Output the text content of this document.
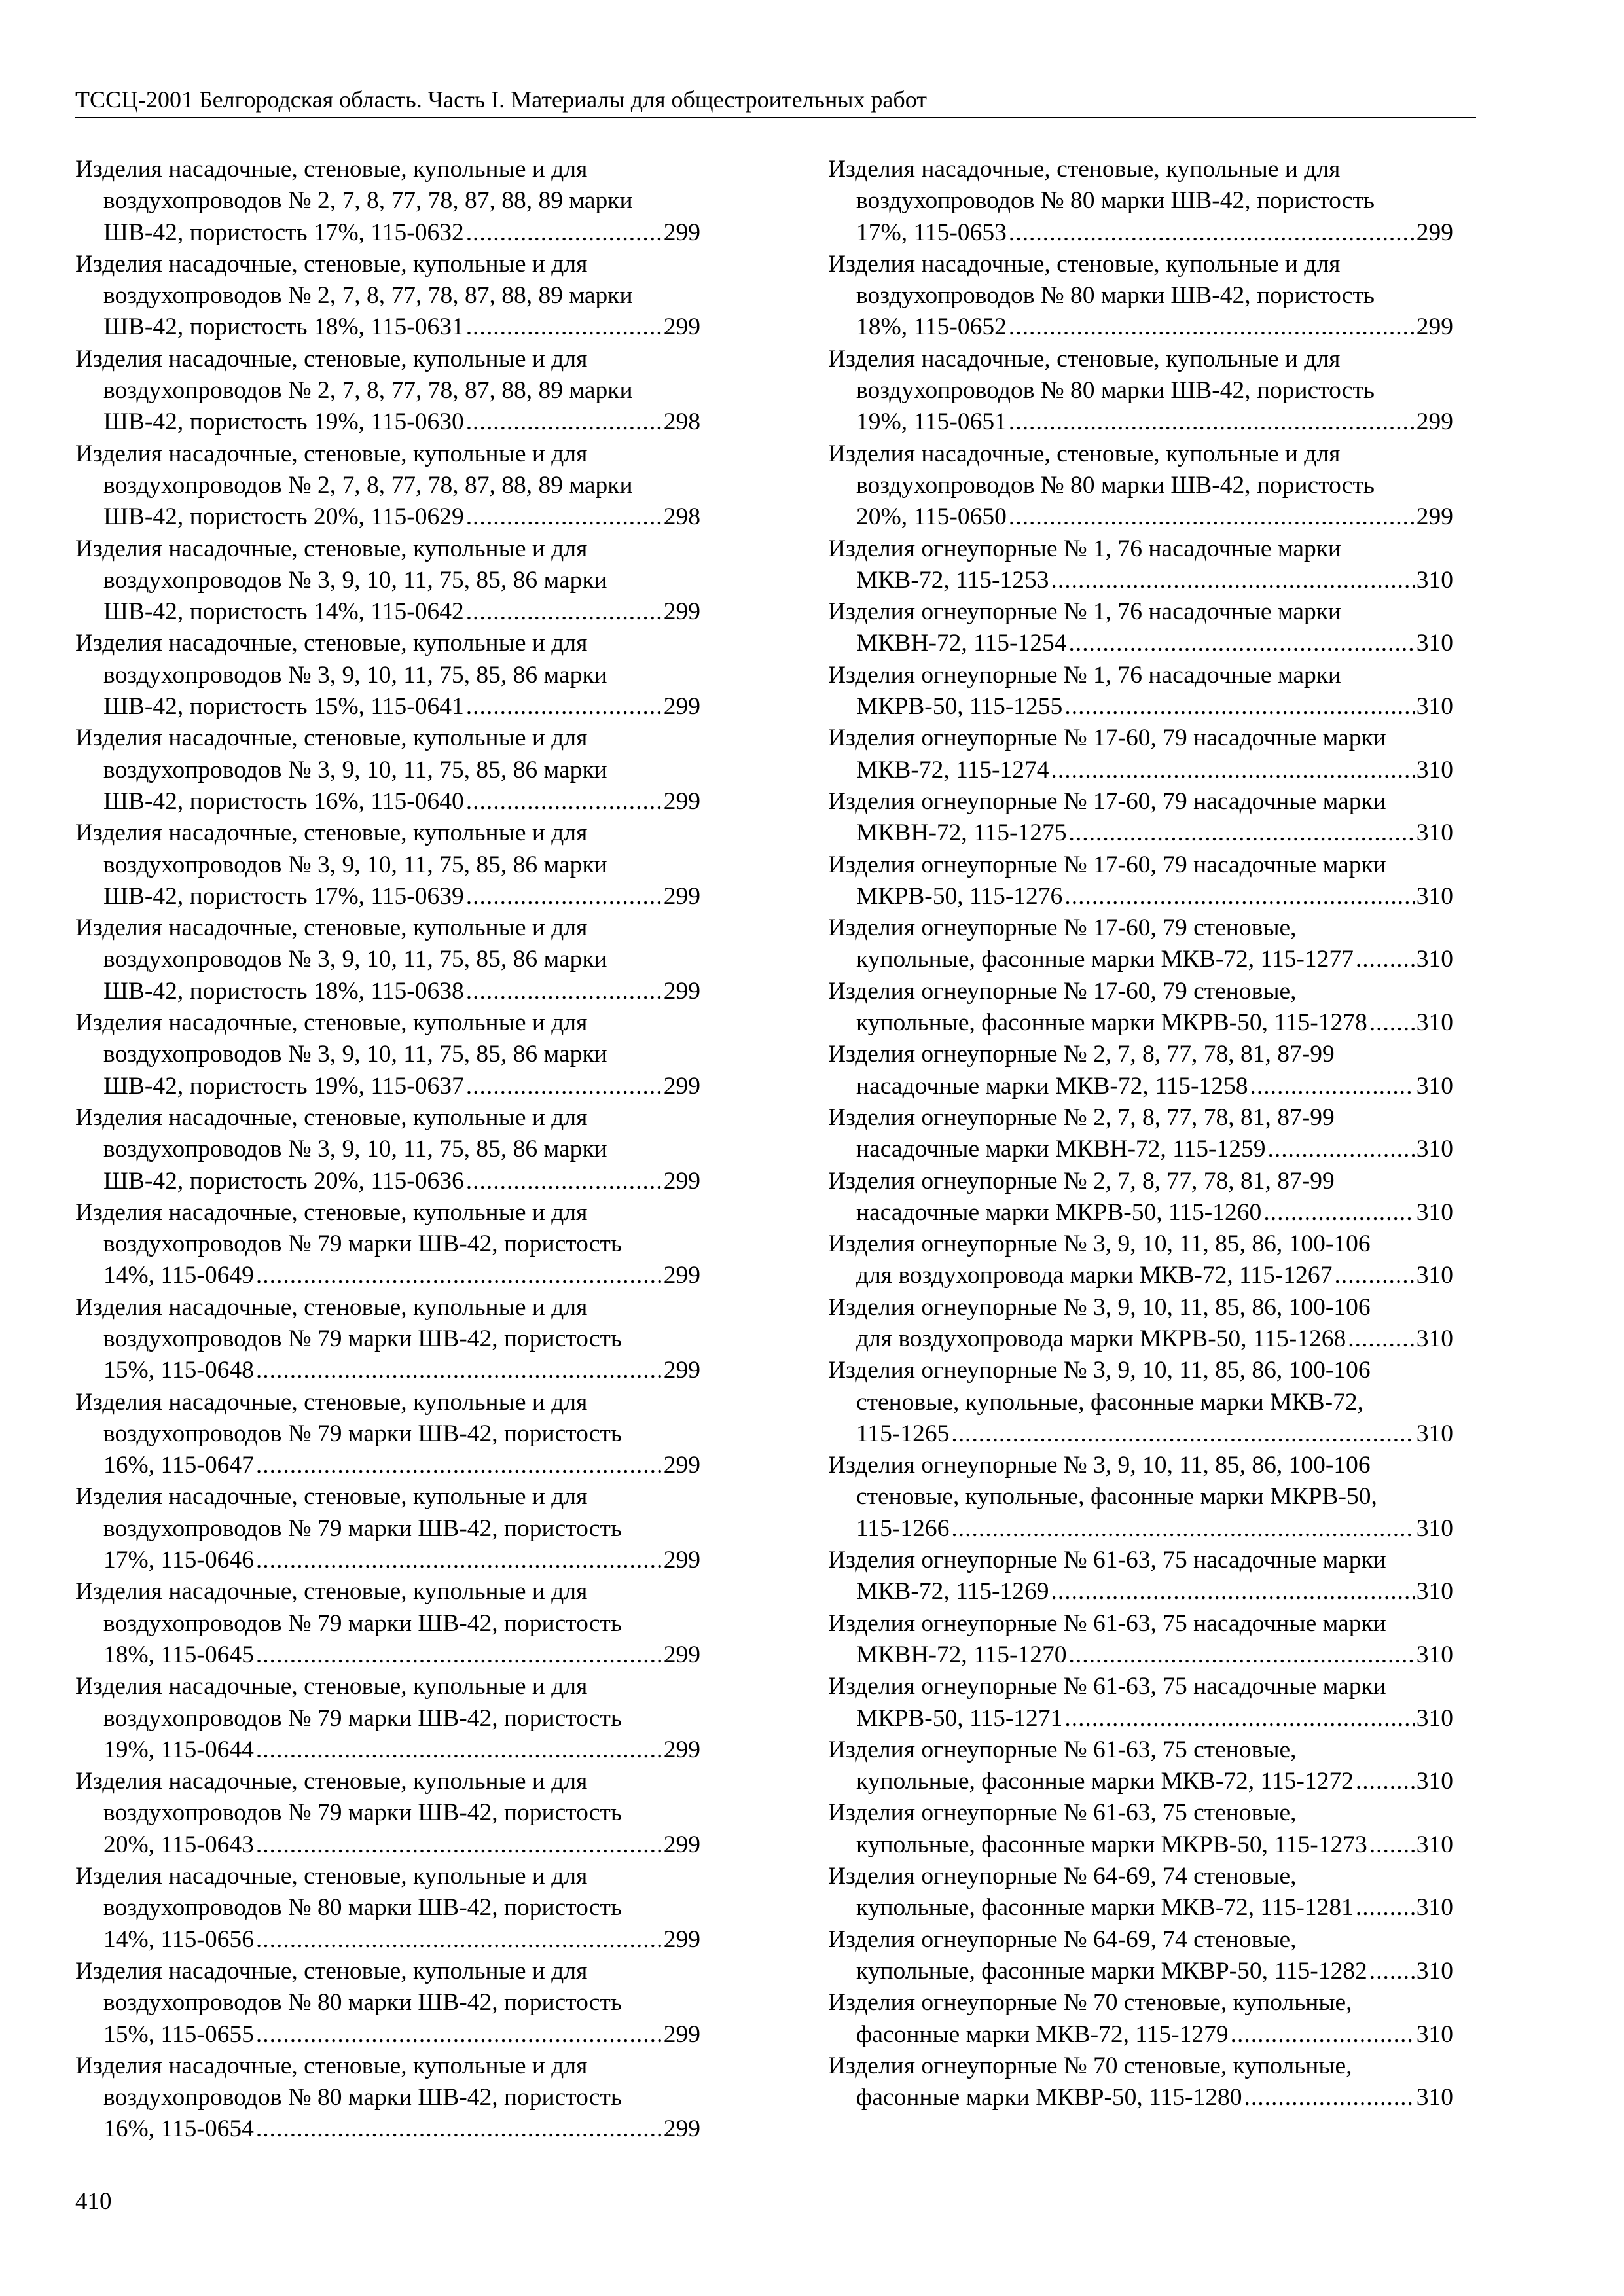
ТССЦ-2001 Белгородская область. Часть I. Материалы для общестроительных работ
Изделия насадочные, стеновые, купольные и для
воздухопроводов № 2, 7, 8, 77, 78, 87, 88, 89 марки
ШВ-42, пористость 17%, 115-0632 .....	299
Изделия насадочные, стеновые, купольные и для
воздухопроводов № 2, 7, 8, 77, 78, 87, 88, 89 марки
ШВ-42, пористость 18%, 115-0631 .....	299
Изделия насадочные, стеновые, купольные и для
воздухопроводов № 2, 7, 8, 77, 78, 87, 88, 89 марки
ШВ-42, пористость 19%, 115-0630 .....	298
Изделия насадочные, стеновые, купольные и для
воздухопроводов № 2, 7, 8, 77, 78, 87, 88, 89 марки
ШВ-42, пористость 20%, 115-0629 .....	298
Изделия насадочные, стеновые, купольные и для
воздухопроводов № 3, 9, 10, 11, 75, 85, 86 марки
ШВ-42, пористость 14%, 115-0642 .....	299
Изделия насадочные, стеновые, купольные и для
воздухопроводов № 3, 9, 10, 11, 75, 85, 86 марки
ШВ-42, пористость 15%, 115-0641 .....	299
Изделия насадочные, стеновые, купольные и для
воздухопроводов № 3, 9, 10, 11, 75, 85, 86 марки
ШВ-42, пористость 16%, 115-0640 .....	299
Изделия насадочные, стеновые, купольные и для
воздухопроводов № 3, 9, 10, 11, 75, 85, 86 марки
ШВ-42, пористость 17%, 115-0639 .....	299
Изделия насадочные, стеновые, купольные и для
воздухопроводов № 3, 9, 10, 11, 75, 85, 86 марки
ШВ-42, пористость 18%, 115-0638 .....	299
Изделия насадочные, стеновые, купольные и для
воздухопроводов № 3, 9, 10, 11, 75, 85, 86 марки
ШВ-42, пористость 19%, 115-0637 .....	299
Изделия насадочные, стеновые, купольные и для
воздухопроводов № 3, 9, 10, 11, 75, 85, 86 марки
ШВ-42, пористость 20%, 115-0636 .....	299
Изделия насадочные, стеновые, купольные и для
воздухопроводов № 79 марки ШВ-42, пористость
14%, 115-0649 .....	299
Изделия насадочные, стеновые, купольные и для
воздухопроводов № 79 марки ШВ-42, пористость
15%, 115-0648 .....	299
Изделия насадочные, стеновые, купольные и для
воздухопроводов № 79 марки ШВ-42, пористость
16%, 115-0647 .....	299
Изделия насадочные, стеновые, купольные и для
воздухопроводов № 79 марки ШВ-42, пористость
17%, 115-0646 .....	299
Изделия насадочные, стеновые, купольные и для
воздухопроводов № 79 марки ШВ-42, пористость
18%, 115-0645 .....	299
Изделия насадочные, стеновые, купольные и для
воздухопроводов № 79 марки ШВ-42, пористость
19%, 115-0644 .....	299
Изделия насадочные, стеновые, купольные и для
воздухопроводов № 79 марки ШВ-42, пористость
20%, 115-0643 .....	299
Изделия насадочные, стеновые, купольные и для
воздухопроводов № 80 марки ШВ-42, пористость
14%, 115-0656 .....	299
Изделия насадочные, стеновые, купольные и для
воздухопроводов № 80 марки ШВ-42, пористость
15%, 115-0655 .....	299
Изделия насадочные, стеновые, купольные и для
воздухопроводов № 80 марки ШВ-42, пористость
16%, 115-0654 .....	299
Изделия насадочные, стеновые, купольные и для
воздухопроводов № 80 марки ШВ-42, пористость
17%, 115-0653 .....	299
Изделия насадочные, стеновые, купольные и для
воздухопроводов № 80 марки ШВ-42, пористость
18%, 115-0652 .....	299
Изделия насадочные, стеновые, купольные и для
воздухопроводов № 80 марки ШВ-42, пористость
19%, 115-0651 .....	299
Изделия насадочные, стеновые, купольные и для
воздухопроводов № 80 марки ШВ-42, пористость
20%, 115-0650 .....	299
Изделия огнеупорные № 1, 76 насадочные марки
МКВ-72, 115-1253 .....	310
Изделия огнеупорные № 1, 76 насадочные марки
МКВН-72, 115-1254 .....	310
Изделия огнеупорные № 1, 76 насадочные марки
МКРВ-50, 115-1255 .....	310
Изделия огнеупорные № 17-60, 79 насадочные марки
МКВ-72, 115-1274 .....	310
Изделия огнеупорные № 17-60, 79 насадочные марки
МКВН-72, 115-1275 .....	310
Изделия огнеупорные № 17-60, 79 насадочные марки
МКРВ-50, 115-1276 .....	310
Изделия огнеупорные № 17-60, 79 стеновые,
купольные, фасонные марки МКВ-72, 115-1277 .....	310
Изделия огнеупорные № 17-60, 79 стеновые,
купольные, фасонные марки МКРВ-50, 115-1278 ..... 310
Изделия огнеупорные № 2, 7, 8, 77, 78, 81, 87-99
насадочные марки МКВ-72, 115-1258 .....	310
Изделия огнеупорные № 2, 7, 8, 77, 78, 81, 87-99
насадочные марки МКВН-72, 115-1259 .....	310
Изделия огнеупорные № 2, 7, 8, 77, 78, 81, 87-99
насадочные марки МКРВ-50, 115-1260 .....	310
Изделия огнеупорные № 3, 9, 10, 11, 85, 86, 100-106
для воздухопровода марки МКВ-72, 115-1267 .....	310
Изделия огнеупорные № 3, 9, 10, 11, 85, 86, 100-106
для воздухопровода марки МКРВ-50, 115-1268 .....	310
Изделия огнеупорные № 3, 9, 10, 11, 85, 86, 100-106
стеновые, купольные, фасонные марки МКВ-72,
115-1265 .....	310
Изделия огнеупорные № 3, 9, 10, 11, 85, 86, 100-106
стеновые, купольные, фасонные марки МКРВ-50,
115-1266 .....	310
Изделия огнеупорные № 61-63, 75 насадочные марки
МКВ-72, 115-1269 .....	310
Изделия огнеупорные № 61-63, 75 насадочные марки
МКВН-72, 115-1270 .....	310
Изделия огнеупорные № 61-63, 75 насадочные марки
МКРВ-50, 115-1271 .....	310
Изделия огнеупорные № 61-63, 75 стеновые,
купольные, фасонные марки МКВ-72, 115-1272 .....	310
Изделия огнеупорные № 61-63, 75 стеновые,
купольные, фасонные марки МКРВ-50, 115-1273 ..... 310
Изделия огнеупорные № 64-69, 74 стеновые,
купольные, фасонные марки МКВ-72, 115-1281 .....	310
Изделия огнеупорные № 64-69, 74 стеновые,
купольные, фасонные марки МКВР-50, 115-1282 ..... 310
Изделия огнеупорные № 70 стеновые, купольные,
фасонные марки МКВ-72, 115-1279 .....	310
Изделия огнеупорные № 70 стеновые, купольные,
фасонные марки МКВР-50, 115-1280 .....	310
410
